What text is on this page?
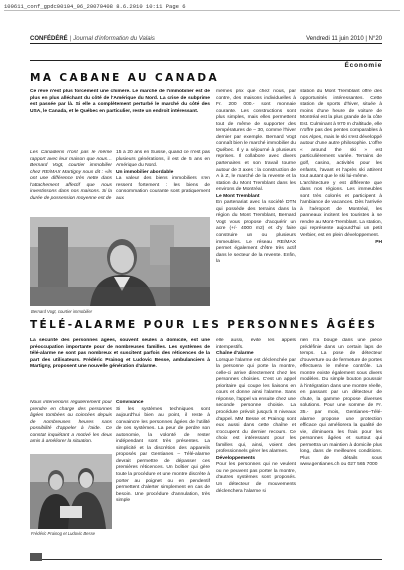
100611_conf_gpdc00104_06_20070408 8.6.2010 10:11 Page 6
CONFÉDÉRÉ | Journal d'information du Valais	Vendredi 11 juin 2010 | N°20
Économie
MA CABANE AU CANADA

Ce rêve n'est plus forcément une chimère. Le marché de l'immobilier est de plus en plus alléchant du côté de l'Amérique du Nord. La crise de subprime est passée par là. Si elle a complètement perturbé le marché du côté des USA, le Canada, et le Québec en particulier, reste un endroit intéressant.

Les Canadiens n'ont pas le même rapport avec leur maison que nous… Bernard Vogt, courtier immobilier chez RE/MAX Martigny nous dit : «ils ont une différence très nette dans l'attachement affectif que nous investissons dans nos maisons. Si la durée de possession moyenne est de

15 à 20 ans en Suisse, quand ce n'est pas plusieurs générations, il est de 5 ans en Amérique du Nord.

Un immobilier abordable

La valeur des biens immobiliers s'en ressent fortement : les biens de consommation courante sont pratiquement aux

mêmes prix que chez nous, par contre, des maisons individuelles à Fr. 200 000.- sont monnaie courante. Les constructions sont plus simples, mais elles permettent tout de même de supporter des températures de – 30, comme l'hiver dernier par exemple. Bernard Vogt connaît bien le marché immobilier du Québec. Il y a séjourné à plusieurs reprises. Il collabore avec divers partenaires et son travail tourne autour de 3 axes : la construction de A à Z, le marché de la revente et la station du Mont Tremblant dans les environs de Montréal.

Le Mont Tremblant

En partenariat avec la société DTN qui possède des terrains dans la région du Mont Tremblant, Bernard Vogt vous propose d'acquérir un acre (+/- 4000 m2) et d'y faire construire un ou plusieurs immeubles. Le réseau RE/MAX permet également d'être très actif dans le secteur de la revente. Enfin, la

station du Mont Tremblant offre des opportunités intéressantes. Cette station de sports d'hiver, située à moins d'une heure de voiture de Montréal est la plus grande de la côte Est. Culminant à 970 m d'altitude, elle n'offre pas des pentes comparables à nos Alpes, mais le ski s'est développé autour d'une autre philosophie. L'offre « around the ski » est particulièrement variée. Terrains de golf, casino, activités pour les enfants, l'avant et l'après ski attirent tout autant que le ski lui-même.

L'architecture y est différente que dans nos régions. Les immeubles sont très colorés et participent à l'ambiance de vacances. Dès l'arrivée à l'aéroport de Montréal, les panneaux incitent les touristes à se rendre au Mont-Tremblant. La station, qui représente aujourd'hui un petit Verbier, est en plein développement.

PH

Bernard Vogt, courtier immobilier
TÉLÉ-ALARME POUR LES PERSONNES ÂGÉES

La sécurité des personnes âgées, souvent seules à domicile, est une préoccupation importante pour de nombreuses familles. Les systèmes de télé-alarme ne sont pas nombreux et suscitent parfois des réticences de la part des utilisateurs. Frédéric Prainog et Ludovic Besse, ambulanciers à Martigny, proposent une nouvelle génération d'alarme.

Nous intervenons régulièrement pour prendre en charge des personnes âgées tombées ou coincées depuis de nombreuses heures sans possibilité d'appeler à l'aide. Ce constat inquiétant a motivé les deux amis à améliorer la situation.

Frédéric Prainog et Ludovic Besse
Convivance

Si les systèmes techniques sont aujourd'hui bien au point, il reste à convaincre les personnes âgées de l'utilité de ces systèmes. La peur de perdre son autonomie, la volonté de rester indépendant sont très présentes. La simplicité et la discrétion des appareils proposés par Gentianes – Télé-alarme devrait permettre de dépasser ces premières réticences. Un boîtier qui gère toute la procédure et une montre discrète à porter au poignet ou en pendentif permettent d'alerter simplement en cas de besoin. Une procédure d'annulation, très simple

elle aussi, évite les appels intempestifs.

Chaîne d'alarme

Lorsque l'alarme est déclenchée par la personne qui porte la montre, celle-ci arrive directement chez les personnes choisies. C'est un appel prioritaire qui coupe les liaisons en cours et donne ainsi l'alarme. Sans réponse, l'appel va ensuite chez une seconde personne choisie. La procédure prévoit jusqu'à 8 niveaux d'appel. MM Besse et Prainog sont eux aussi dans cette chaîne et s'occupent du dernier recours. Ce choix est intéressant pour les familles qui, ainsi, voient des professionnels gérer les alarmes.

Développements

Pour les personnes qui ne veulent ou ne peuvent pas porter la montre, d'autres systèmes sont proposés. Un détecteur de mouvements déclenchera l'alarme si

rien n'a bougé dans une pièce prédéfinie dans un certain laps de temps. La pose de détecteur d'ouverture ou de fermeture de portes effectuera le même contrôle. La montre existe également sous divers modèles. Du simple bouton poussoir à l'intégration dans une montre réelle, en passant par un détecteur de chute, la gamme propose diverses solutions. Pour une somme de Fr. 35.- par mois, Gentianes–Télé-alarme propose une protection efficace qui améliorera la qualité de vie, diminuera les frais pour les personnes âgées et surtout qui permettra un maintien à domicile plus long, dans de meilleures conditions. Plus de détails sous www.gentianes.ch ou 027 565 7000
